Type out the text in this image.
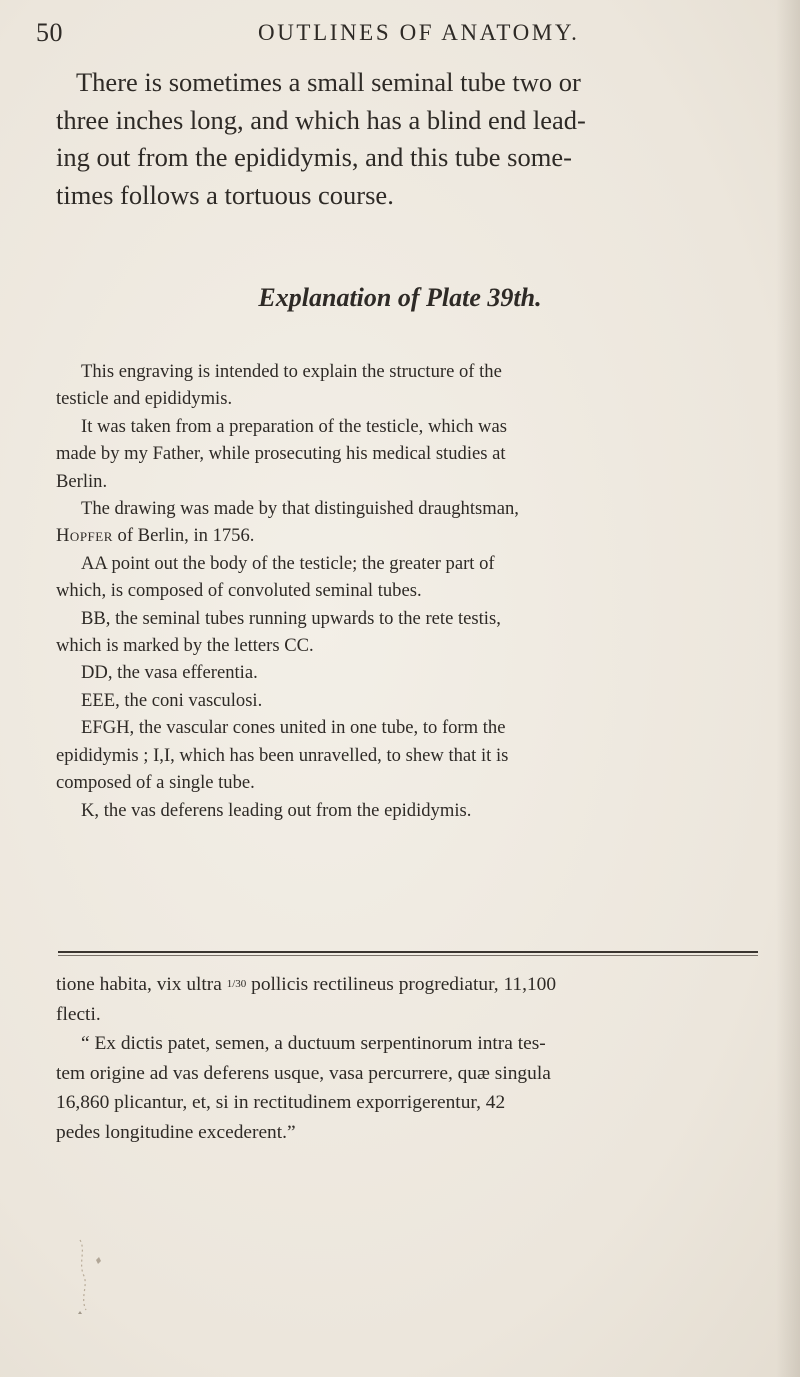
50	OUTLINES OF ANATOMY.

There is sometimes a small seminal tube two or
three inches long, and which has a blind end lead-
ing out from the epididymis, and this tube some-
times follows a tortuous course.

Explanation of Plate 39th.

This engraving is intended to explain the structure of the
testicle and epididymis.

It was taken from a preparation of the testicle, which was
made by my Father, while prosecuting his medical studies at
Berlin.

The drawing was made by that distinguished draughtsman,
Hopfer of Berlin, in 1756.

AA point out the body of the testicle; the greater part of
which, is composed of convoluted seminal tubes.

BB, the seminal tubes running upwards to the rete testis,
which is marked by the letters CC.

DD, the vasa efferentia.

EEE, the coni vasculosi.

EFGH, the vascular cones united in one tube, to form the
epididymis ; I,I, which has been unravelled, to shew that it is
composed of a single tube.

K, the vas deferens leading out from the epididymis.

tione habita, vix ultra 1/30 pollicis rectilineus progrediatur, 11,100
flecti.
“ Ex dictis patet, semen, a ductuum serpentinorum intra tes-
tem origine ad vas deferens usque, vasa percurrere, quæ singula
16,860 plicantur, et, si in rectitudinem exporrigerentur, 42
pedes longitudine excederent.”
